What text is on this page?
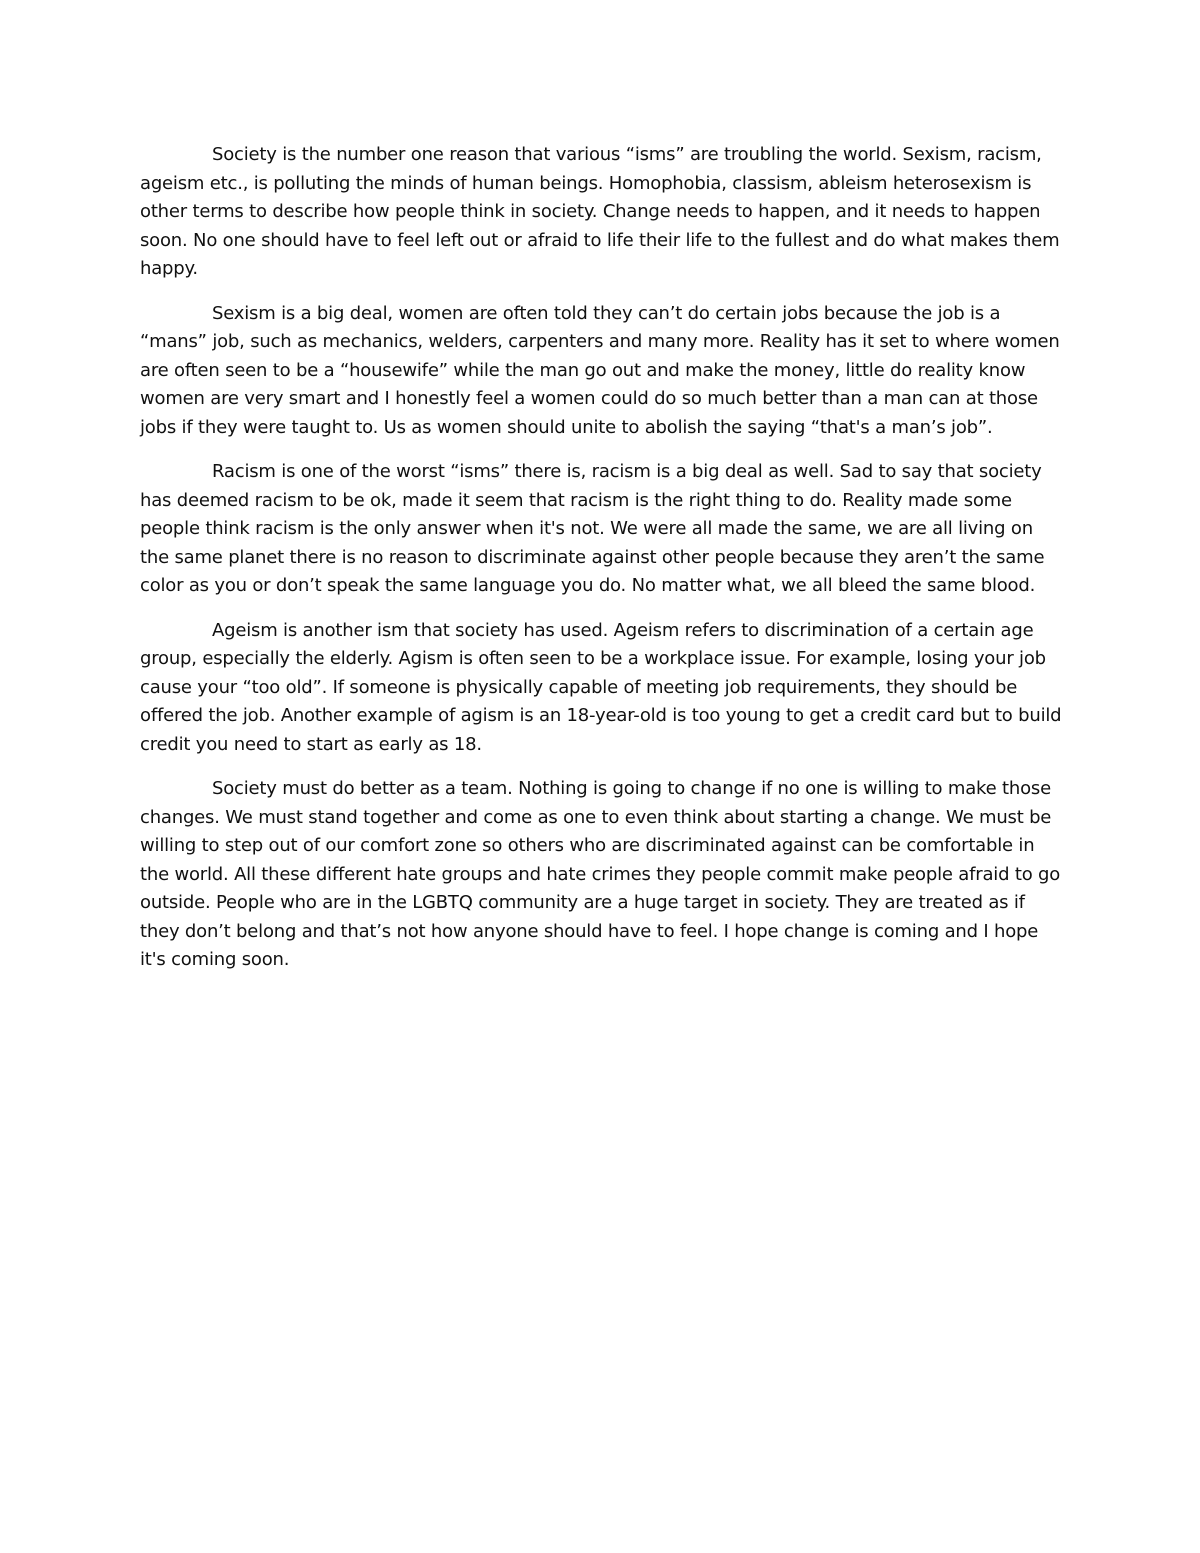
Society is the number one reason that various “isms” are troubling the world. Sexism, racism, ageism etc., is polluting the minds of human beings. Homophobia, classism, ableism heterosexism is other terms to describe how people think in society. Change needs to happen, and it needs to happen soon. No one should have to feel left out or afraid to life their life to the fullest and do what makes them happy.

Sexism is a big deal, women are often told they can’t do certain jobs because the job is a “mans” job, such as mechanics, welders, carpenters and many more. Reality has it set to where women are often seen to be a “housewife” while the man go out and make the money, little do reality know women are very smart and I honestly feel a women could do so much better than a man can at those jobs if they were taught to. Us as women should unite to abolish the saying “that's a man’s job”.

Racism is one of the worst “isms” there is, racism is a big deal as well. Sad to say that society has deemed racism to be ok, made it seem that racism is the right thing to do. Reality made some people think racism is the only answer when it's not. We were all made the same, we are all living on the same planet there is no reason to discriminate against other people because they aren’t the same color as you or don’t speak the same language you do. No matter what, we all bleed the same blood.

Ageism is another ism that society has used. Ageism refers to discrimination of a certain age group, especially the elderly. Agism is often seen to be a workplace issue. For example, losing your job cause your “too old”. If someone is physically capable of meeting job requirements, they should be offered the job. Another example of agism is an 18-year-old is too young to get a credit card but to build credit you need to start as early as 18.

Society must do better as a team. Nothing is going to change if no one is willing to make those changes. We must stand together and come as one to even think about starting a change. We must be willing to step out of our comfort zone so others who are discriminated against can be comfortable in the world. All these different hate groups and hate crimes they people commit make people afraid to go outside. People who are in the LGBTQ community are a huge target in society. They are treated as if they don’t belong and that’s not how anyone should have to feel. I hope change is coming and I hope it's coming soon.
